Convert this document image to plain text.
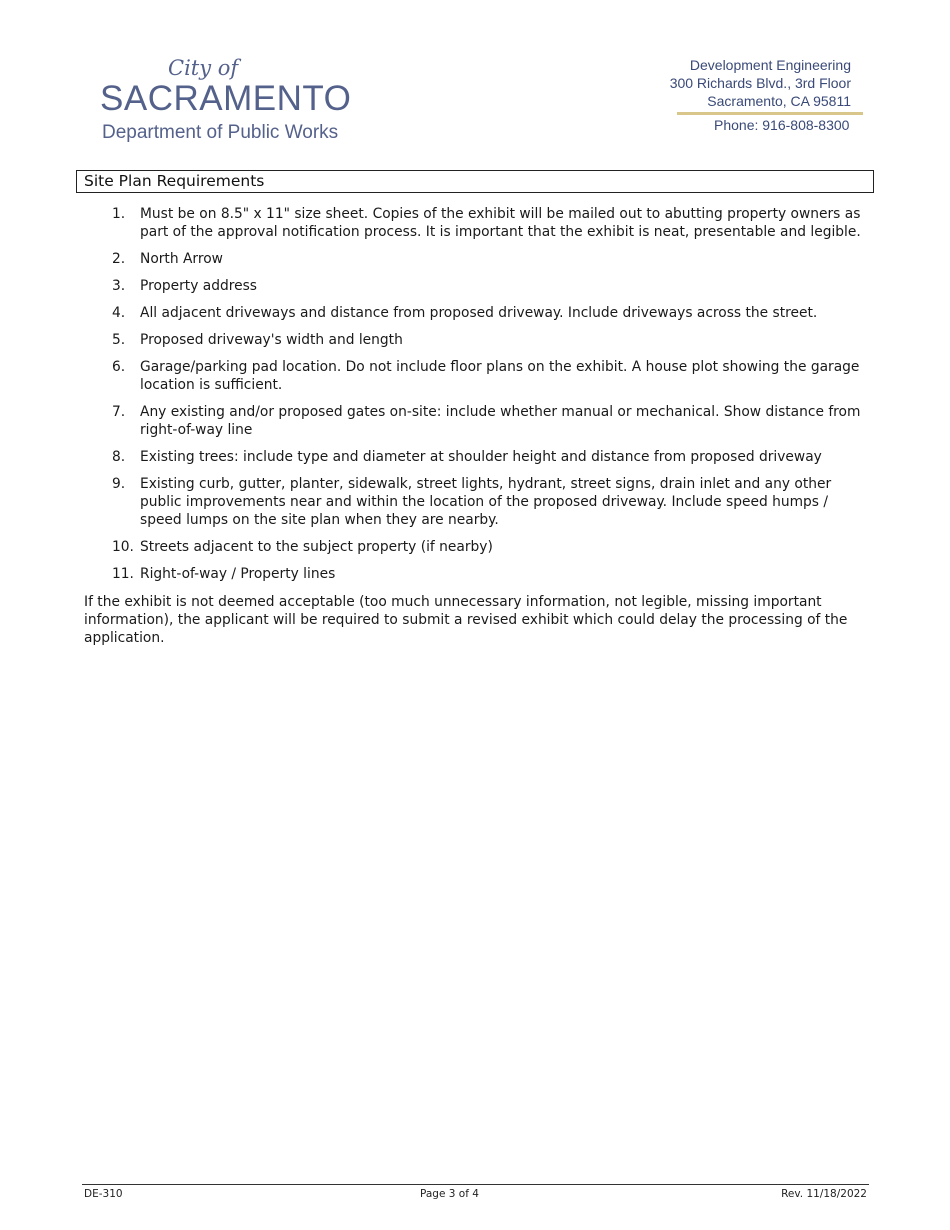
City of
SACRAMENTO
Department of Public Works
Development Engineering
300 Richards Blvd., 3rd Floor
Sacramento, CA 95811
Phone: 916-808-8300
Site Plan Requirements
1. Must be on 8.5" x 11" size sheet. Copies of the exhibit will be mailed out to abutting property owners as part of the approval notification process. It is important that the exhibit is neat, presentable and legible.
2. North Arrow
3. Property address
4. All adjacent driveways and distance from proposed driveway. Include driveways across the street.
5. Proposed driveway's width and length
6. Garage/parking pad location. Do not include floor plans on the exhibit. A house plot showing the garage location is sufficient.
7. Any existing and/or proposed gates on-site: include whether manual or mechanical. Show distance from right-of-way line
8. Existing trees: include type and diameter at shoulder height and distance from proposed driveway
9. Existing curb, gutter, planter, sidewalk, street lights, hydrant, street signs, drain inlet and any other public improvements near and within the location of the proposed driveway. Include speed humps / speed lumps on the site plan when they are nearby.
10. Streets adjacent to the subject property (if nearby)
11. Right-of-way / Property lines
If the exhibit is not deemed acceptable (too much unnecessary information, not legible, missing important information), the applicant will be required to submit a revised exhibit which could delay the processing of the application.
DE-310	Page 3 of 4	Rev. 11/18/2022
